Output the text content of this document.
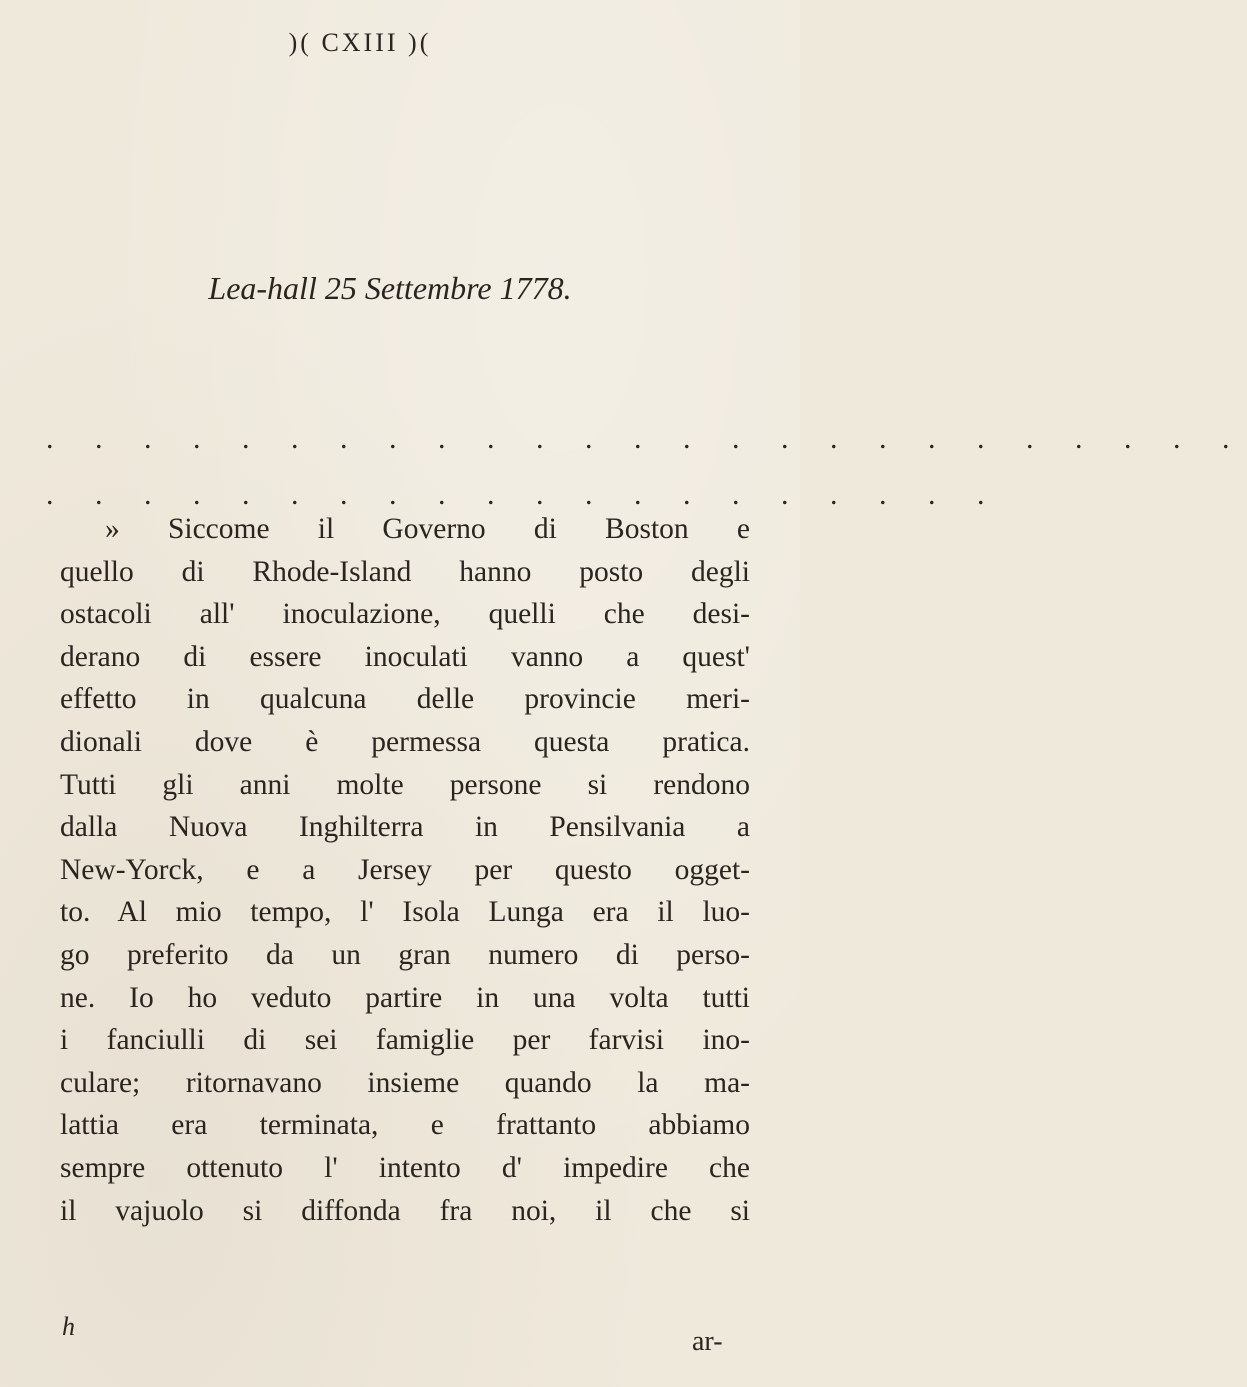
)( CXIII )(
Lea-hall 25 Settembre 1778.
. . . . . . . . . . . . . . . . . . . . . . . . .
. . . . . . . . . . . . . . . . . . . .
» Siccome il Governo di Boston e
quello di Rhode-Island hanno posto degli
ostacoli all' inoculazione, quelli che desi-
derano di essere inoculati vanno a quest'
effetto in qualcuna delle provincie meri-
dionali dove è permessa questa pratica.
Tutti gli anni molte persone si rendono
dalla Nuova Inghilterra in Pensilvania a
New-Yorck, e a Jersey per questo ogget-
to. Al mio tempo, l' Isola Lunga era il luo-
go preferito da un gran numero di perso-
ne. Io ho veduto partire in una volta tutti
i fanciulli di sei famiglie per farvisi ino-
culare; ritornavano insieme quando la ma-
lattia era terminata, e frattanto abbiamo
sempre ottenuto l' intento d' impedire che
il vajuolo si diffonda fra noi, il che si
h	ar-
